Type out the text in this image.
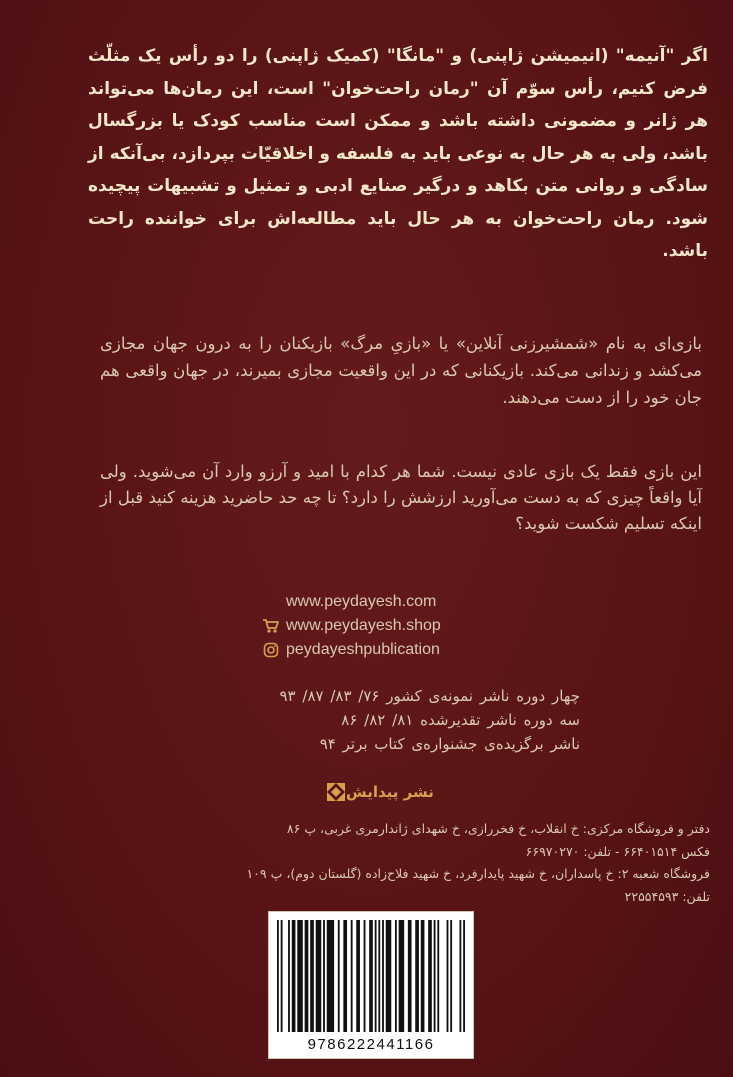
اگر "آنیمه" (انیمیشن ژاپنی) و "مانگا" (کمیک ژاپنی) را دو رأس یک مثلّث فرض کنیم، رأس سوّم آن "رمان راحت‌خوان" است، این رمان‌ها می‌تواند هر ژانر و مضمونی داشته باشد و ممکن است مناسب کودک یا بزرگسال باشد، ولی به هر حال به نوعی باید به فلسفه و اخلاقیّات بپردازد، بی‌آنکه از سادگی و روانی متن بکاهد و درگیر صنایع ادبی و تمثیل و تشبیهات پیچیده شود. رمان راحت‌خوان به هر حال باید مطالعه‌اش برای خواننده راحت باشد.
بازی‌ای به نام «شمشیرزنی آنلاین» یا «بازیِ مرگ» بازیکنان را به درون جهان مجازی می‌کشد و زندانی می‌کند. بازیکنانی که در این واقعیت مجازی بمیرند، در جهان واقعی هم جان خود را از دست می‌دهند.
این بازی فقط یک بازی عادی نیست. شما هر کدام با امید و آرزو وارد آن می‌شوید. ولی آیا واقعاً چیزی که به دست می‌آورید ارزشش را دارد؟ تا چه حد حاضرید هزینه کنید قبل از اینکه تسلیم شکست شوید؟
www.peydayesh.com
www.peydayesh.shop
peydayeshpublication
چهار دوره ناشر نمونه‌ی کشور ۷۶/ ۸۳/ ۸۷/ ۹۳
سه دوره ناشر تقدیرشده ۸۱/ ۸۲/ ۸۶
ناشر برگزیده‌ی جشنواره‌ی کتاب برتر ۹۴
نشر پیدایش
دفتر و فروشگاه مرکزی: خ انقلاب، خ فخررازی، خ شهدای ژاندارمری غربی، پ ۸۶
فکس ۶۶۴۰۱۵۱۴ - تلفن: ۶۶۹۷۰۲۷۰
فروشگاه شعبه ۲: خ پاسداران، خ شهید پایدارفرد، خ شهید فلاح‌زاده (گلستان دوم)، پ ۱۰۹
تلفن: ۲۲۵۵۴۵۹۳
9786222441166
